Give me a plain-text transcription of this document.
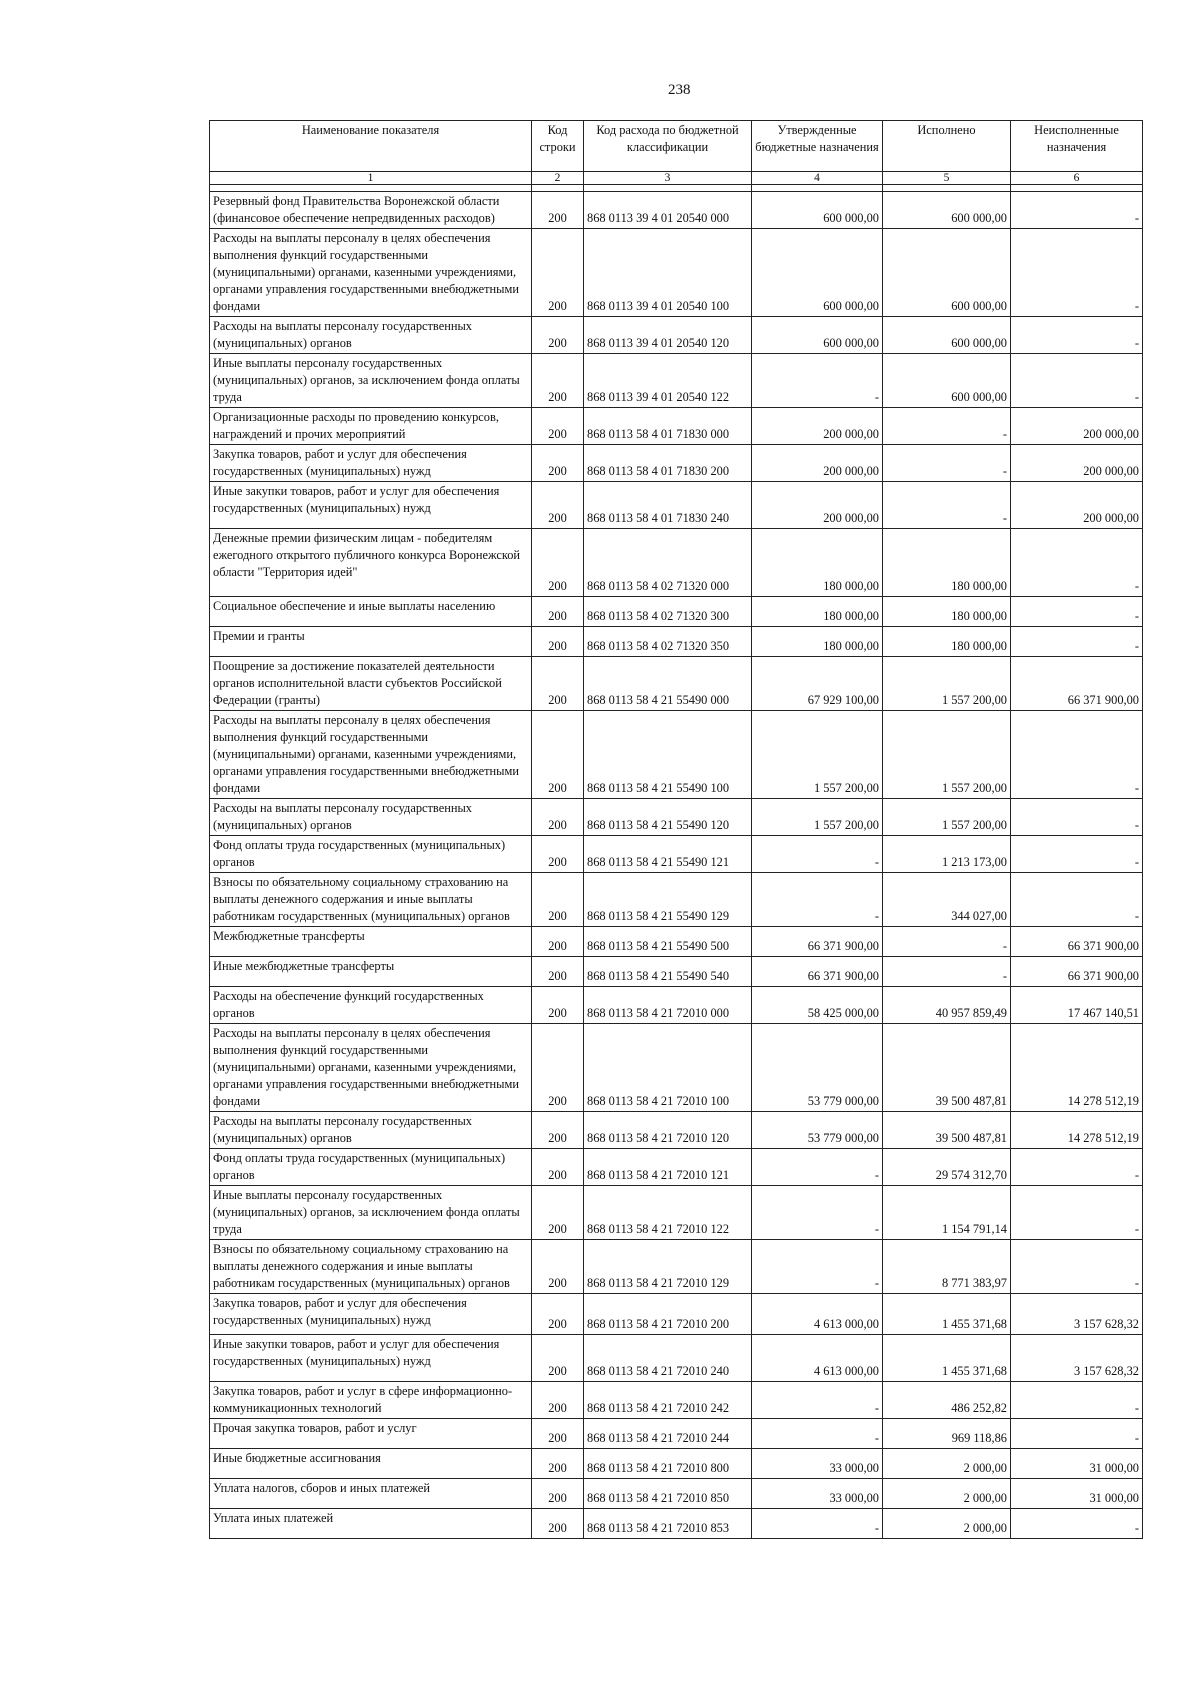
238
Наименование показателя	Код строки	Код расхода по бюджетной классификации	Утвержденные бюджетные назначения	Исполнено	Неисполненные назначения
1	2	3	4	5	6

Резервный фонд Правительства Воронежской области (финансовое обеспечение непредвиденных расходов)	200	868 0113 39 4 01 20540 000	600 000,00	600 000,00	-
Расходы на выплаты персоналу в целях обеспечения выполнения функций государственными (муниципальными) органами, казенными учреждениями, органами управления государственными внебюджетными фондами	200	868 0113 39 4 01 20540 100	600 000,00	600 000,00	-
Расходы на выплаты персоналу государственных (муниципальных) органов	200	868 0113 39 4 01 20540 120	600 000,00	600 000,00	-
Иные выплаты персоналу государственных (муниципальных) органов, за исключением фонда оплаты труда	200	868 0113 39 4 01 20540 122	-	600 000,00	-
Организационные расходы по проведению конкурсов, награждений и прочих мероприятий	200	868 0113 58 4 01 71830 000	200 000,00	-	200 000,00
Закупка товаров, работ и услуг для обеспечения государственных (муниципальных) нужд	200	868 0113 58 4 01 71830 200	200 000,00	-	200 000,00
Иные закупки товаров, работ и услуг для обеспечения государственных (муниципальных) нужд	200	868 0113 58 4 01 71830 240	200 000,00	-	200 000,00
Денежные премии физическим лицам - победителям ежегодного открытого публичного конкурса Воронежской области "Территория идей"	200	868 0113 58 4 02 71320 000	180 000,00	180 000,00	-
Социальное обеспечение и иные выплаты населению	200	868 0113 58 4 02 71320 300	180 000,00	180 000,00	-
Премии и гранты	200	868 0113 58 4 02 71320 350	180 000,00	180 000,00	-
Поощрение за достижение показателей деятельности органов исполнительной власти субъектов Российской Федерации (гранты)	200	868 0113 58 4 21 55490 000	67 929 100,00	1 557 200,00	66 371 900,00
Расходы на выплаты персоналу в целях обеспечения выполнения функций государственными (муниципальными) органами, казенными учреждениями, органами управления государственными внебюджетными фондами	200	868 0113 58 4 21 55490 100	1 557 200,00	1 557 200,00	-
Расходы на выплаты персоналу государственных (муниципальных) органов	200	868 0113 58 4 21 55490 120	1 557 200,00	1 557 200,00	-
Фонд оплаты труда государственных (муниципальных) органов	200	868 0113 58 4 21 55490 121	-	1 213 173,00	-
Взносы по обязательному социальному страхованию на выплаты денежного содержания и иные выплаты работникам государственных (муниципальных) органов	200	868 0113 58 4 21 55490 129	-	344 027,00	-
Межбюджетные трансферты	200	868 0113 58 4 21 55490 500	66 371 900,00	-	66 371 900,00
Иные межбюджетные трансферты	200	868 0113 58 4 21 55490 540	66 371 900,00	-	66 371 900,00
Расходы на обеспечение функций государственных органов	200	868 0113 58 4 21 72010 000	58 425 000,00	40 957 859,49	17 467 140,51
Расходы на выплаты персоналу в целях обеспечения выполнения функций государственными (муниципальными) органами, казенными учреждениями, органами управления государственными внебюджетными фондами	200	868 0113 58 4 21 72010 100	53 779 000,00	39 500 487,81	14 278 512,19
Расходы на выплаты персоналу государственных (муниципальных) органов	200	868 0113 58 4 21 72010 120	53 779 000,00	39 500 487,81	14 278 512,19
Фонд оплаты труда государственных (муниципальных) органов	200	868 0113 58 4 21 72010 121	-	29 574 312,70	-
Иные выплаты персоналу государственных (муниципальных) органов, за исключением фонда оплаты труда	200	868 0113 58 4 21 72010 122	-	1 154 791,14	-
Взносы по обязательному социальному страхованию на выплаты денежного содержания и иные выплаты работникам государственных (муниципальных) органов	200	868 0113 58 4 21 72010 129	-	8 771 383,97	-
Закупка товаров, работ и услуг для обеспечения государственных (муниципальных) нужд	200	868 0113 58 4 21 72010 200	4 613 000,00	1 455 371,68	3 157 628,32
Иные закупки товаров, работ и услуг для обеспечения государственных (муниципальных) нужд	200	868 0113 58 4 21 72010 240	4 613 000,00	1 455 371,68	3 157 628,32
Закупка товаров, работ и услуг в сфере информационно-коммуникационных технологий	200	868 0113 58 4 21 72010 242	-	486 252,82	-
Прочая закупка товаров, работ и услуг	200	868 0113 58 4 21 72010 244	-	969 118,86	-
Иные бюджетные ассигнования	200	868 0113 58 4 21 72010 800	33 000,00	2 000,00	31 000,00
Уплата налогов, сборов и иных платежей	200	868 0113 58 4 21 72010 850	33 000,00	2 000,00	31 000,00
Уплата иных платежей	200	868 0113 58 4 21 72010 853	-	2 000,00	-
